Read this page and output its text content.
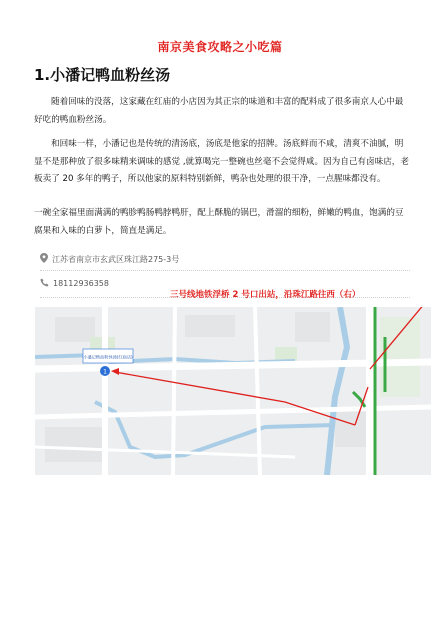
南京美食攻略之小吃篇
1.小潘记鸭血粉丝汤

随着回味的没落，这家藏在红庙的小店因为其正宗的味道和丰富的配料成了很多南京人心中最好吃的鸭血粉丝汤。

和回味一样，小潘记也是传统的清汤底，汤底是他家的招牌。汤底鲜而不咸，清爽不油腻，明显不是那种放了很多味精来调味的感觉 ,就算喝完一整碗也丝毫不会觉得咸。因为自己有卤味店，老板卖了 20 多年的鸭子，所以他家的原料特别新鲜，鸭杂也处理的很干净，一点腥味都没有。

一碗全家福里面满满的鸭胗鸭肠鸭脖鸭肝，配上酥脆的锅巴，滑溜的细粉，鲜嫩的鸭血，饱满的豆腐果和入味的白萝卜，简直是满足。

江苏省南京市玄武区珠江路275-3号
18112936358
三号线地铁浮桥 2 号口出站，沿珠江路往西（右）
1
小潘记鸭血粉丝汤(红庙店)
